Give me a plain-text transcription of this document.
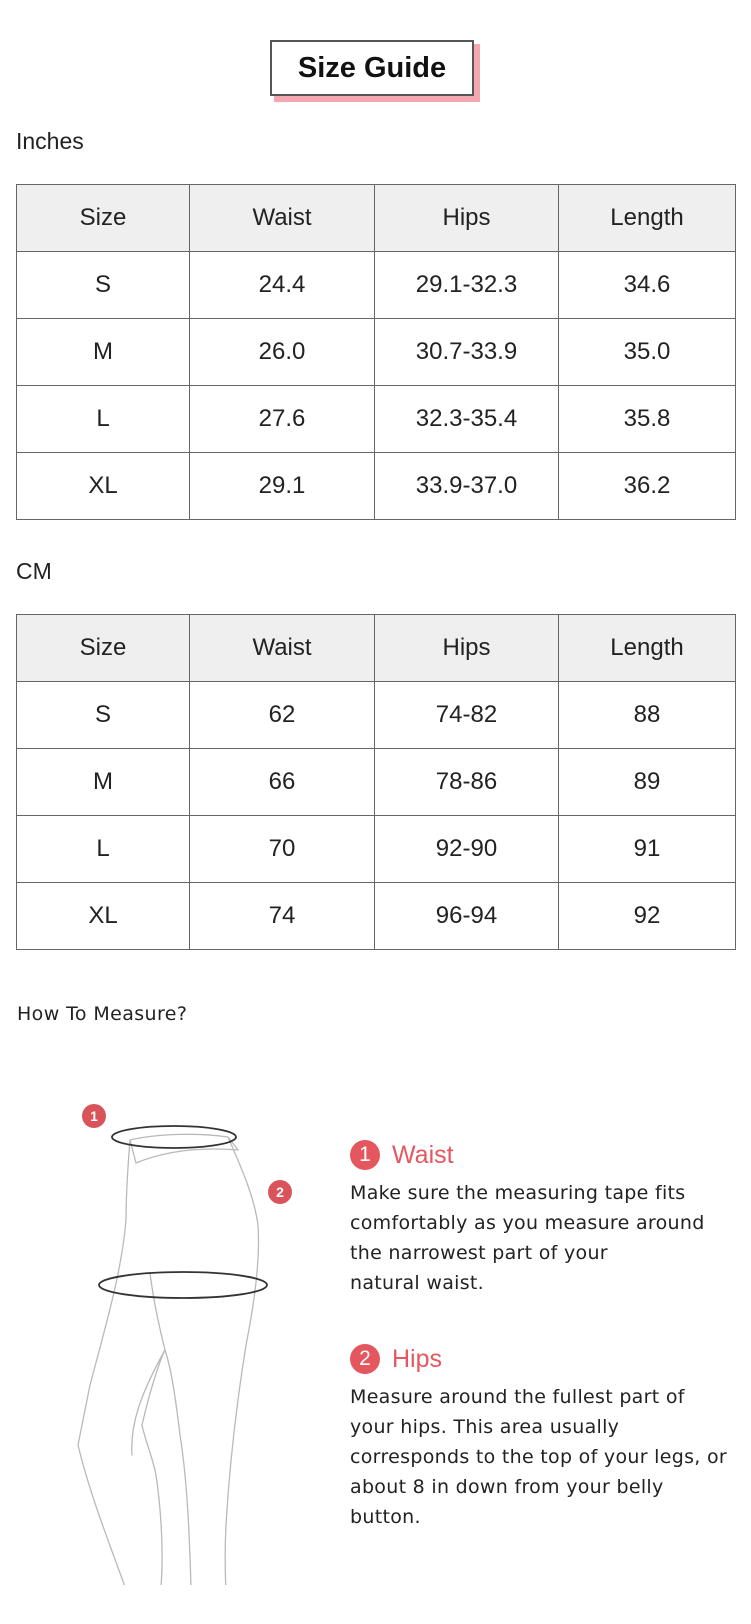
Size Guide
Inches
Size	Waist	Hips	Length
S	24.4	29.1-32.3	34.6
M	26.0	30.7-33.9	35.0
L	27.6	32.3-35.4	35.8
XL	29.1	33.9-37.0	36.2
CM
Size	Waist	Hips	Length
S	62	74-82	88
M	66	78-86	89
L	70	92-90	91
XL	74	96-94	92
How To Measure?
1
2
1 Waist
Make sure the measuring tape fits
comfortably as you measure around
the narrowest part of your
natural waist.
2 Hips
Measure around the fullest part of
your hips. This area usually
corresponds to the top of your legs, or
about 8 in down from your belly
button.
